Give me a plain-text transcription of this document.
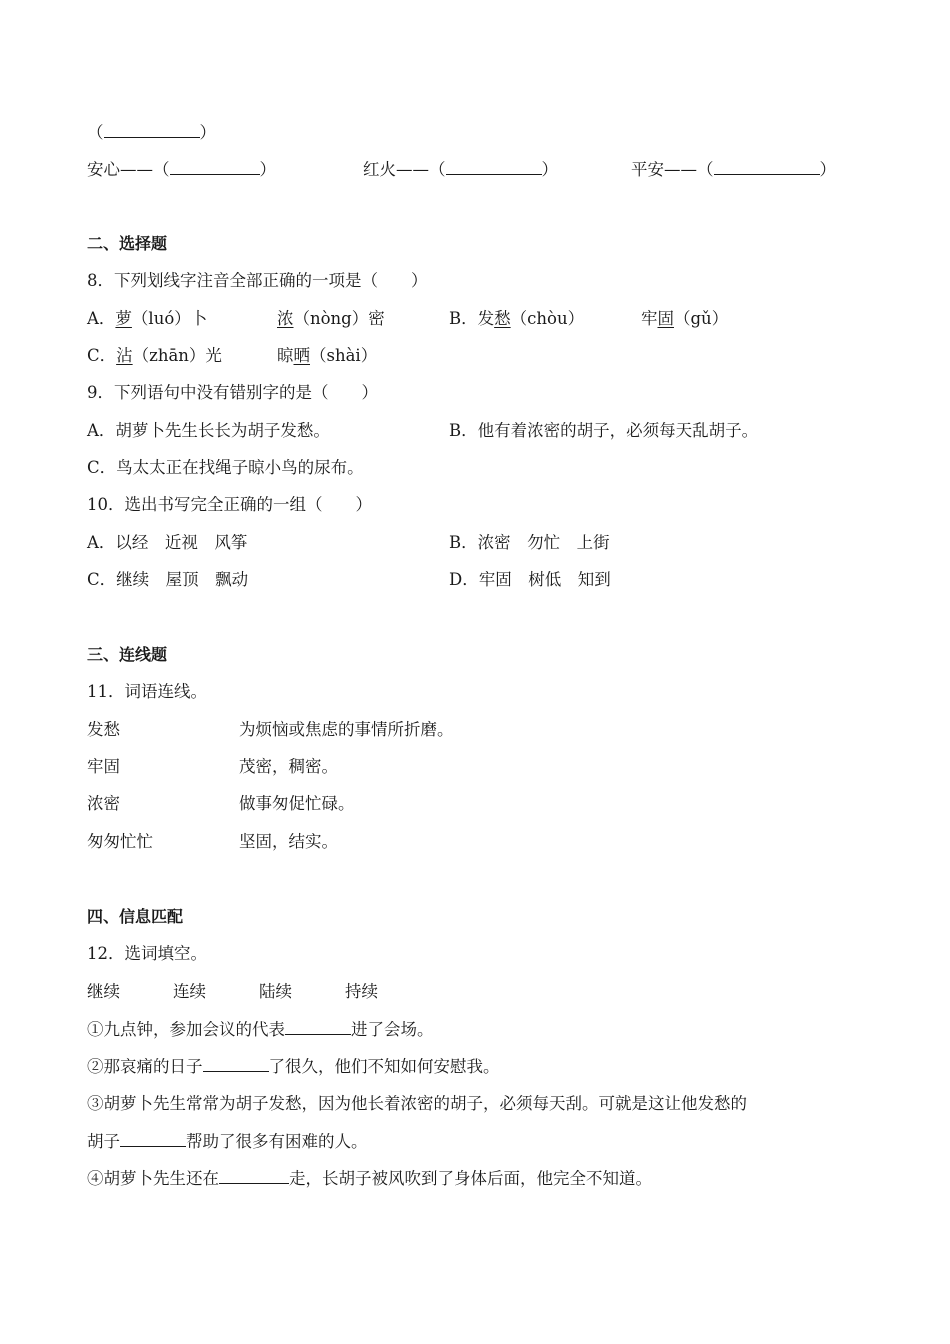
（	）
安心——（	）	红火——（	）	平安——（	）
二、选择题
8．下列划线字注音全部正确的一项是（　　）
A．萝（luó）卜	浓（nòng）密	B．发愁（chòu）	牢固（gǔ）
C．沾（zhān）光	晾晒（shài）
9．下列语句中没有错别字的是（　　）
A．胡萝卜先生长长为胡子发愁。	B．他有着浓密的胡子，必须每天乱胡子。
C．鸟太太正在找绳子晾小鸟的尿布。
10．选出书写完全正确的一组（　　）
A．以经　近视　风筝	B．浓密　勿忙　上街
C．继续　屋顶　飘动	D．牢固　树低　知到
三、连线题
11．词语连线。
发愁	为烦恼或焦虑的事情所折磨。
牢固	茂密，稠密。
浓密	做事匆促忙碌。
匆匆忙忙	坚固，结实。
四、信息匹配
12．选词填空。
继续	连续	陆续	持续
①九点钟，参加会议的代表	进了会场。
②那哀痛的日子	了很久，他们不知如何安慰我。
③胡萝卜先生常常为胡子发愁，因为他长着浓密的胡子，必须每天刮。可就是这让他发愁的
胡子	帮助了很多有困难的人。
④胡萝卜先生还在	走，长胡子被风吹到了身体后面，他完全不知道。
